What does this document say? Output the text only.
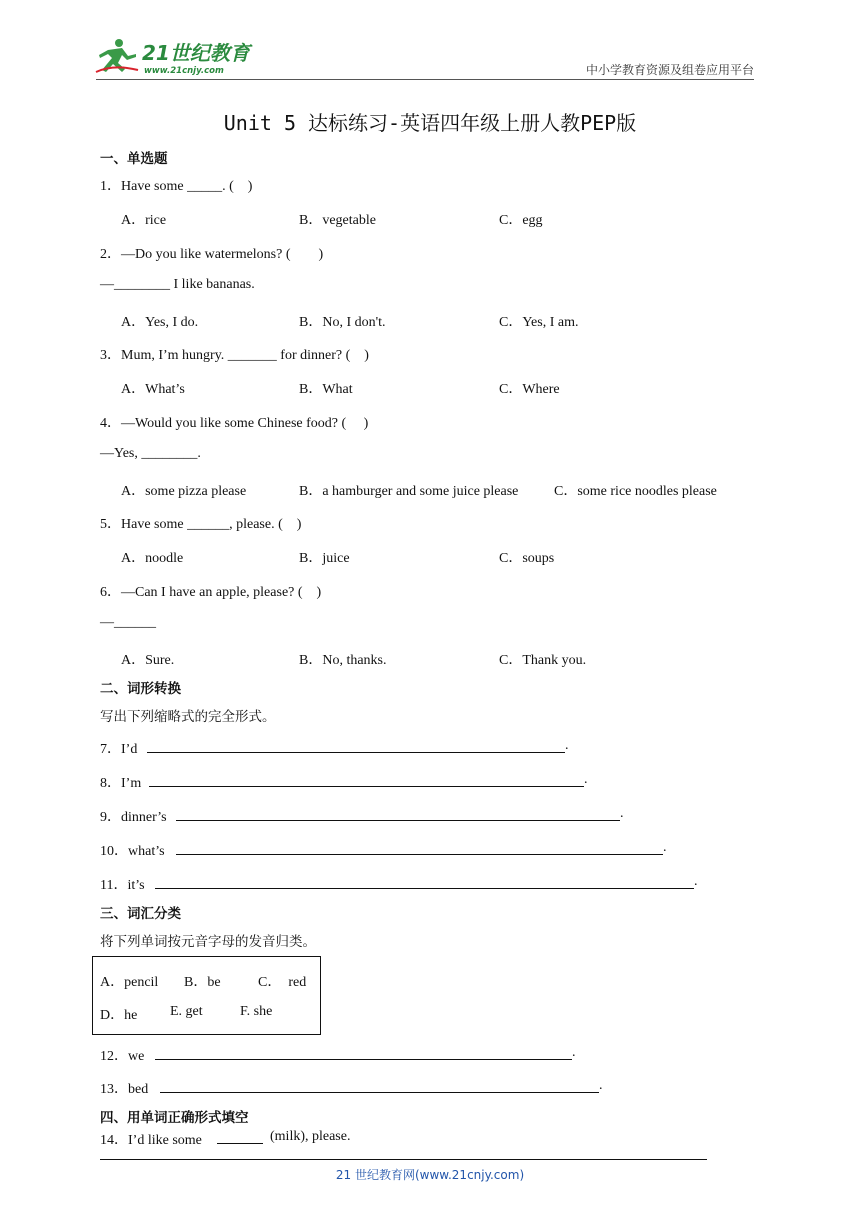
21世纪教育
www.21cnjy.com	中小学教育资源及组卷应用平台
Unit 5 达标练习-英语四年级上册人教PEP版
一、单选题
1．Have some _____. (　)
A．rice	B．vegetable	C．egg
2．—Do you like watermelons? (　　)
—________ I like bananas.
A．Yes, I do.	B．No, I don't.	C．Yes, I am.
3．Mum, I’m hungry. _______ for dinner? (　)
A．What’s	B．What	C．Where
4．—Would you like some Chinese food? (　 )
—Yes, ________.
A．some pizza please	B．a hamburger and some juice please	C．some rice noodles please
5．Have some ______, please. (　)
A．noodle	B．juice	C．soups
6．—Can I have an apple, please? (　)
—______
A．Sure.	B．No, thanks.	C．Thank you.
二、词形转换
写出下列缩略式的完全形式。
7．I’d	.
8．I’m	.
9．dinner’s	.
10．what’s	.
11．it’s	.
三、词汇分类
将下列单词按元音字母的发音归类。
A．pencil B．be	C．　red
D．he E. get	F. she
12．we	.
13．bed	.
四、用单词正确形式填空
14．I’d like some	(milk), please.
21 世纪教育网(www.21cnjy.com)
